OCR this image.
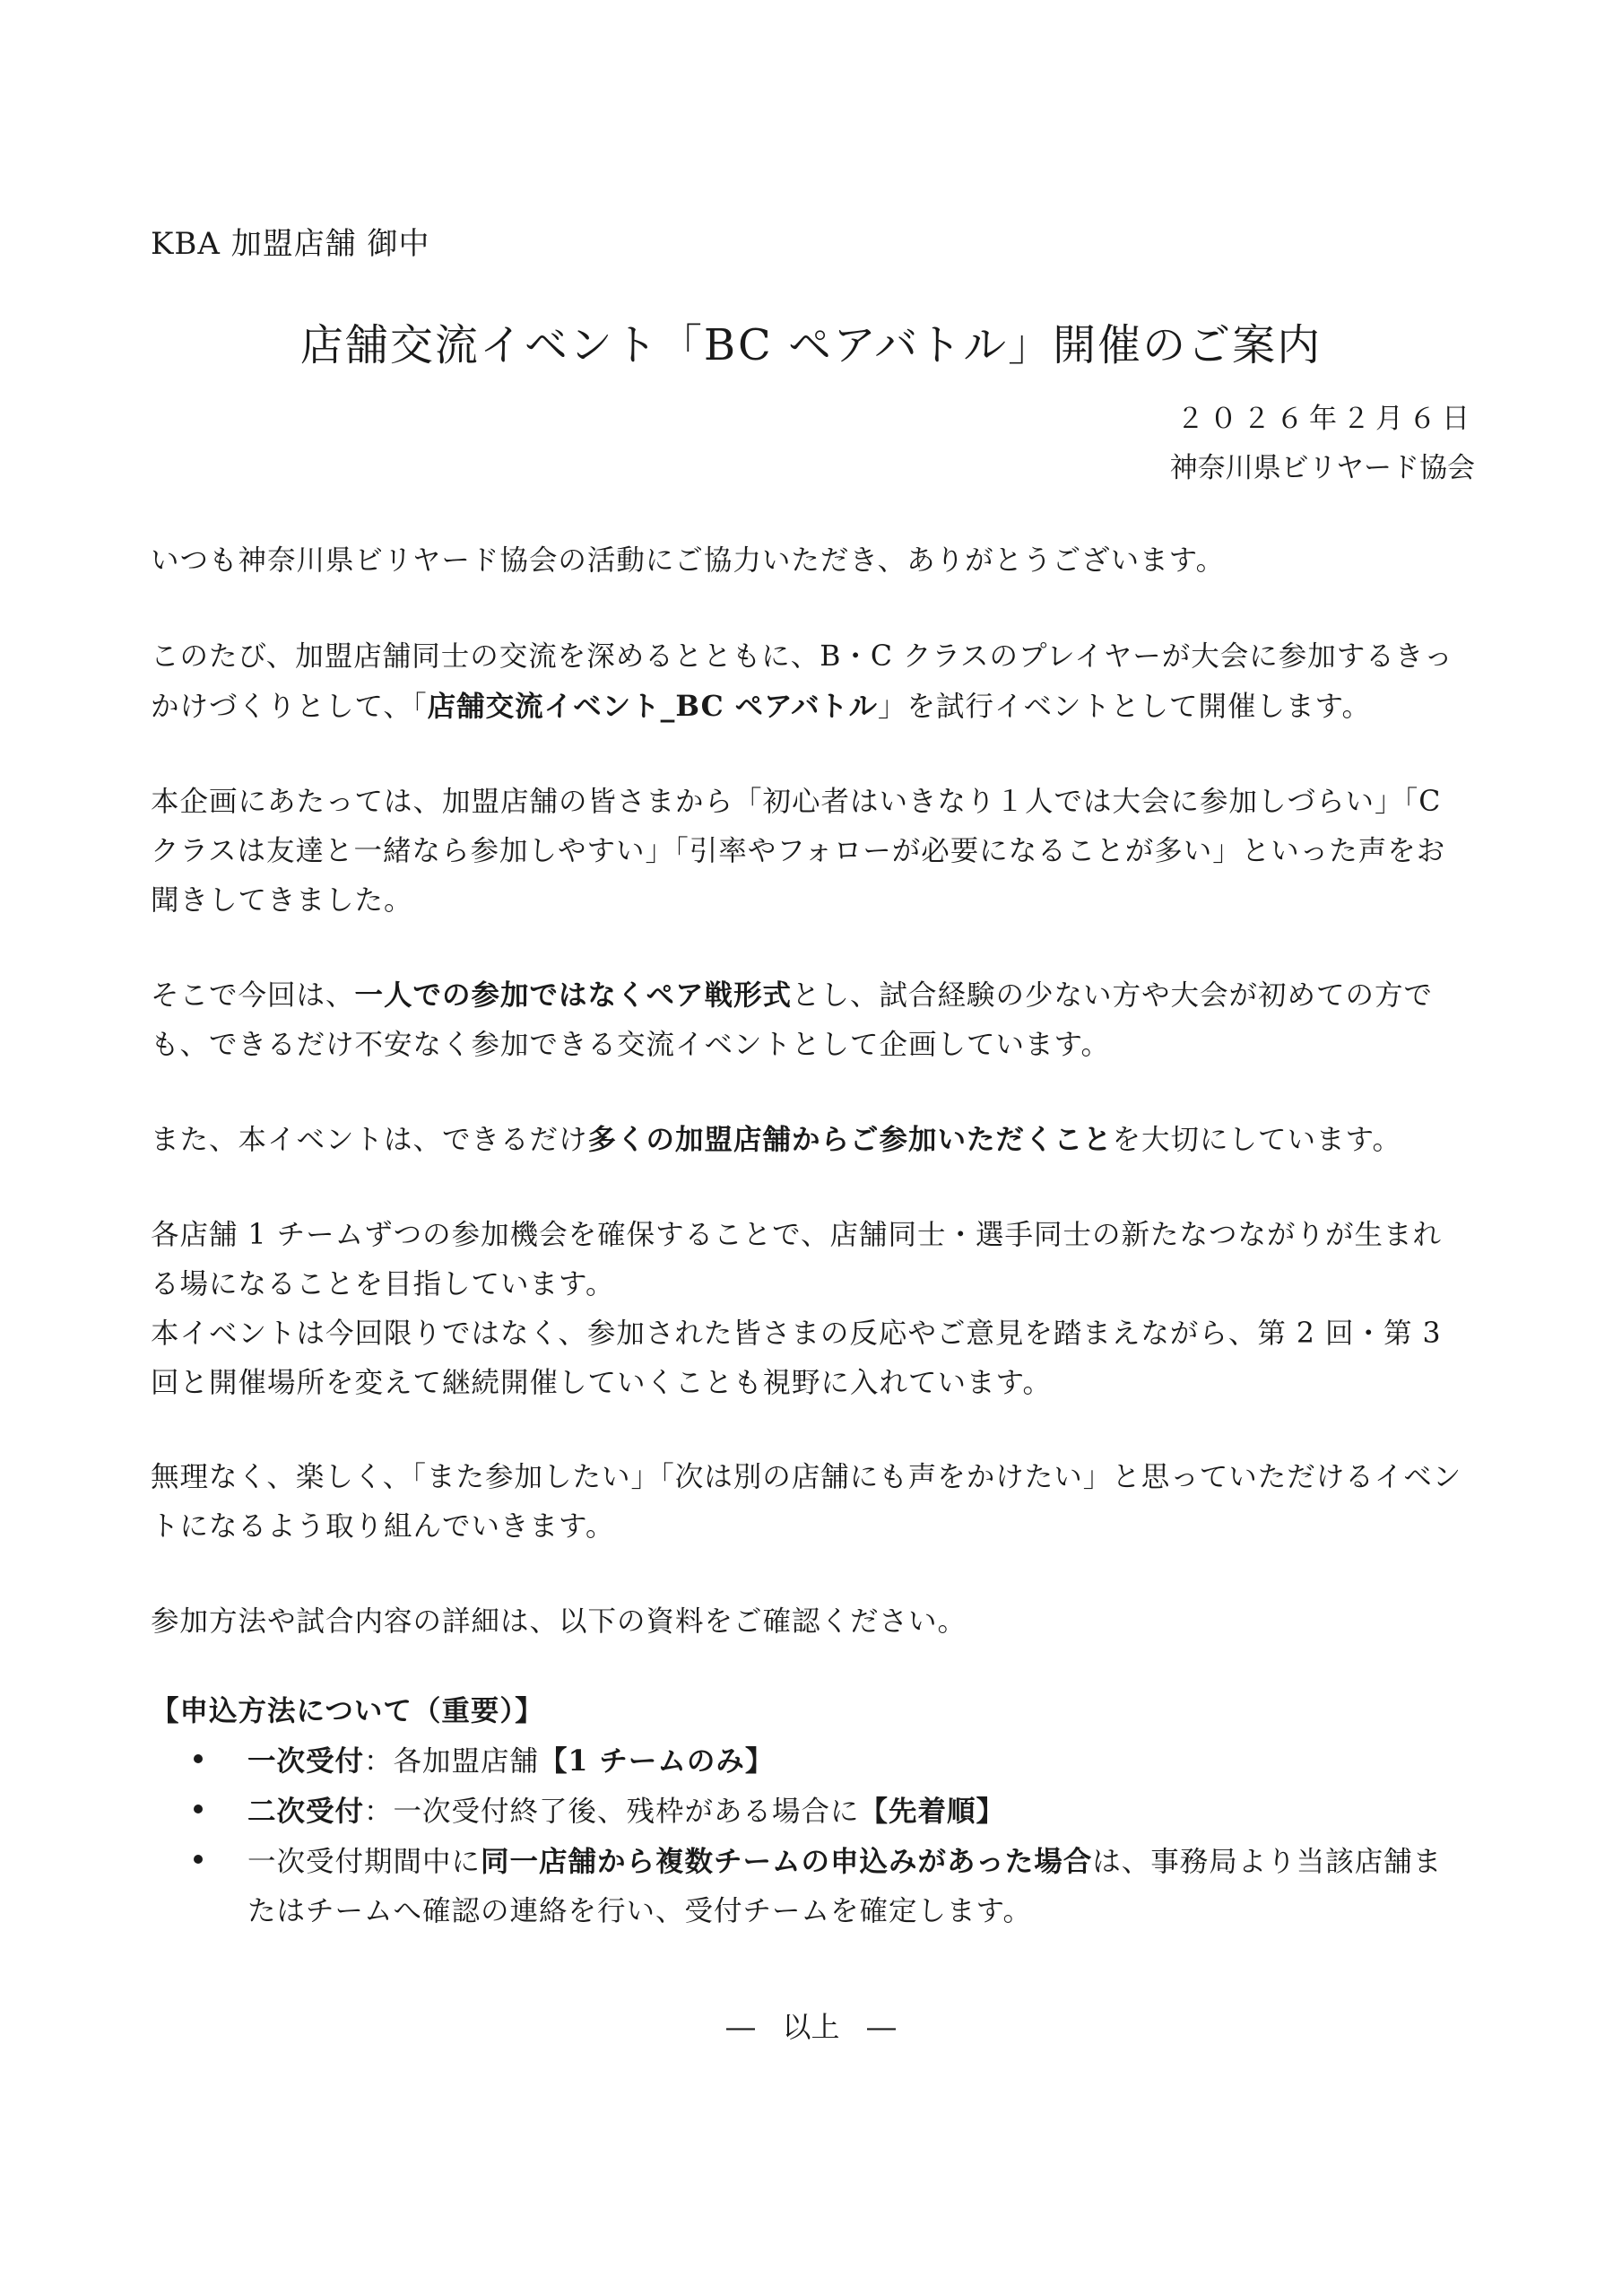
KBA 加盟店舗 御中
店舗交流イベント「BC ペアバトル」開催のご案内
２０２６年２月６日
神奈川県ビリヤード協会
いつも神奈川県ビリヤード協会の活動にご協力いただき、ありがとうございます。
このたび、加盟店舗同士の交流を深めるとともに、B・C クラスのプレイヤーが大会に参加するきっ
かけづくりとして、「店舗交流イベント_BC ペアバトル」を試行イベントとして開催します。
本企画にあたっては、加盟店舗の皆さまから「初心者はいきなり１人では大会に参加しづらい」「C
クラスは友達と一緒なら参加しやすい」「引率やフォローが必要になることが多い」といった声をお
聞きしてきました。
そこで今回は、一人での参加ではなくペア戦形式とし、試合経験の少ない方や大会が初めての方で
も、できるだけ不安なく参加できる交流イベントとして企画しています。
また、本イベントは、できるだけ多くの加盟店舗からご参加いただくことを大切にしています。
各店舗 1 チームずつの参加機会を確保することで、店舗同士・選手同士の新たなつながりが生まれ
る場になることを目指しています。
本イベントは今回限りではなく、参加された皆さまの反応やご意見を踏まえながら、第 2 回・第 3
回と開催場所を変えて継続開催していくことも視野に入れています。
無理なく、楽しく、「また参加したい」「次は別の店舗にも声をかけたい」と思っていただけるイベン
トになるよう取り組んでいきます。
参加方法や試合内容の詳細は、以下の資料をご確認ください。
【申込方法について（重要）】
一次受付：各加盟店舗【1 チームのみ】
二次受付：一次受付終了後、残枠がある場合に【先着順】
一次受付期間中に同一店舗から複数チームの申込みがあった場合は、事務局より当該店舗ま
たはチームへ確認の連絡を行い、受付チームを確定します。
―   以上   ―
